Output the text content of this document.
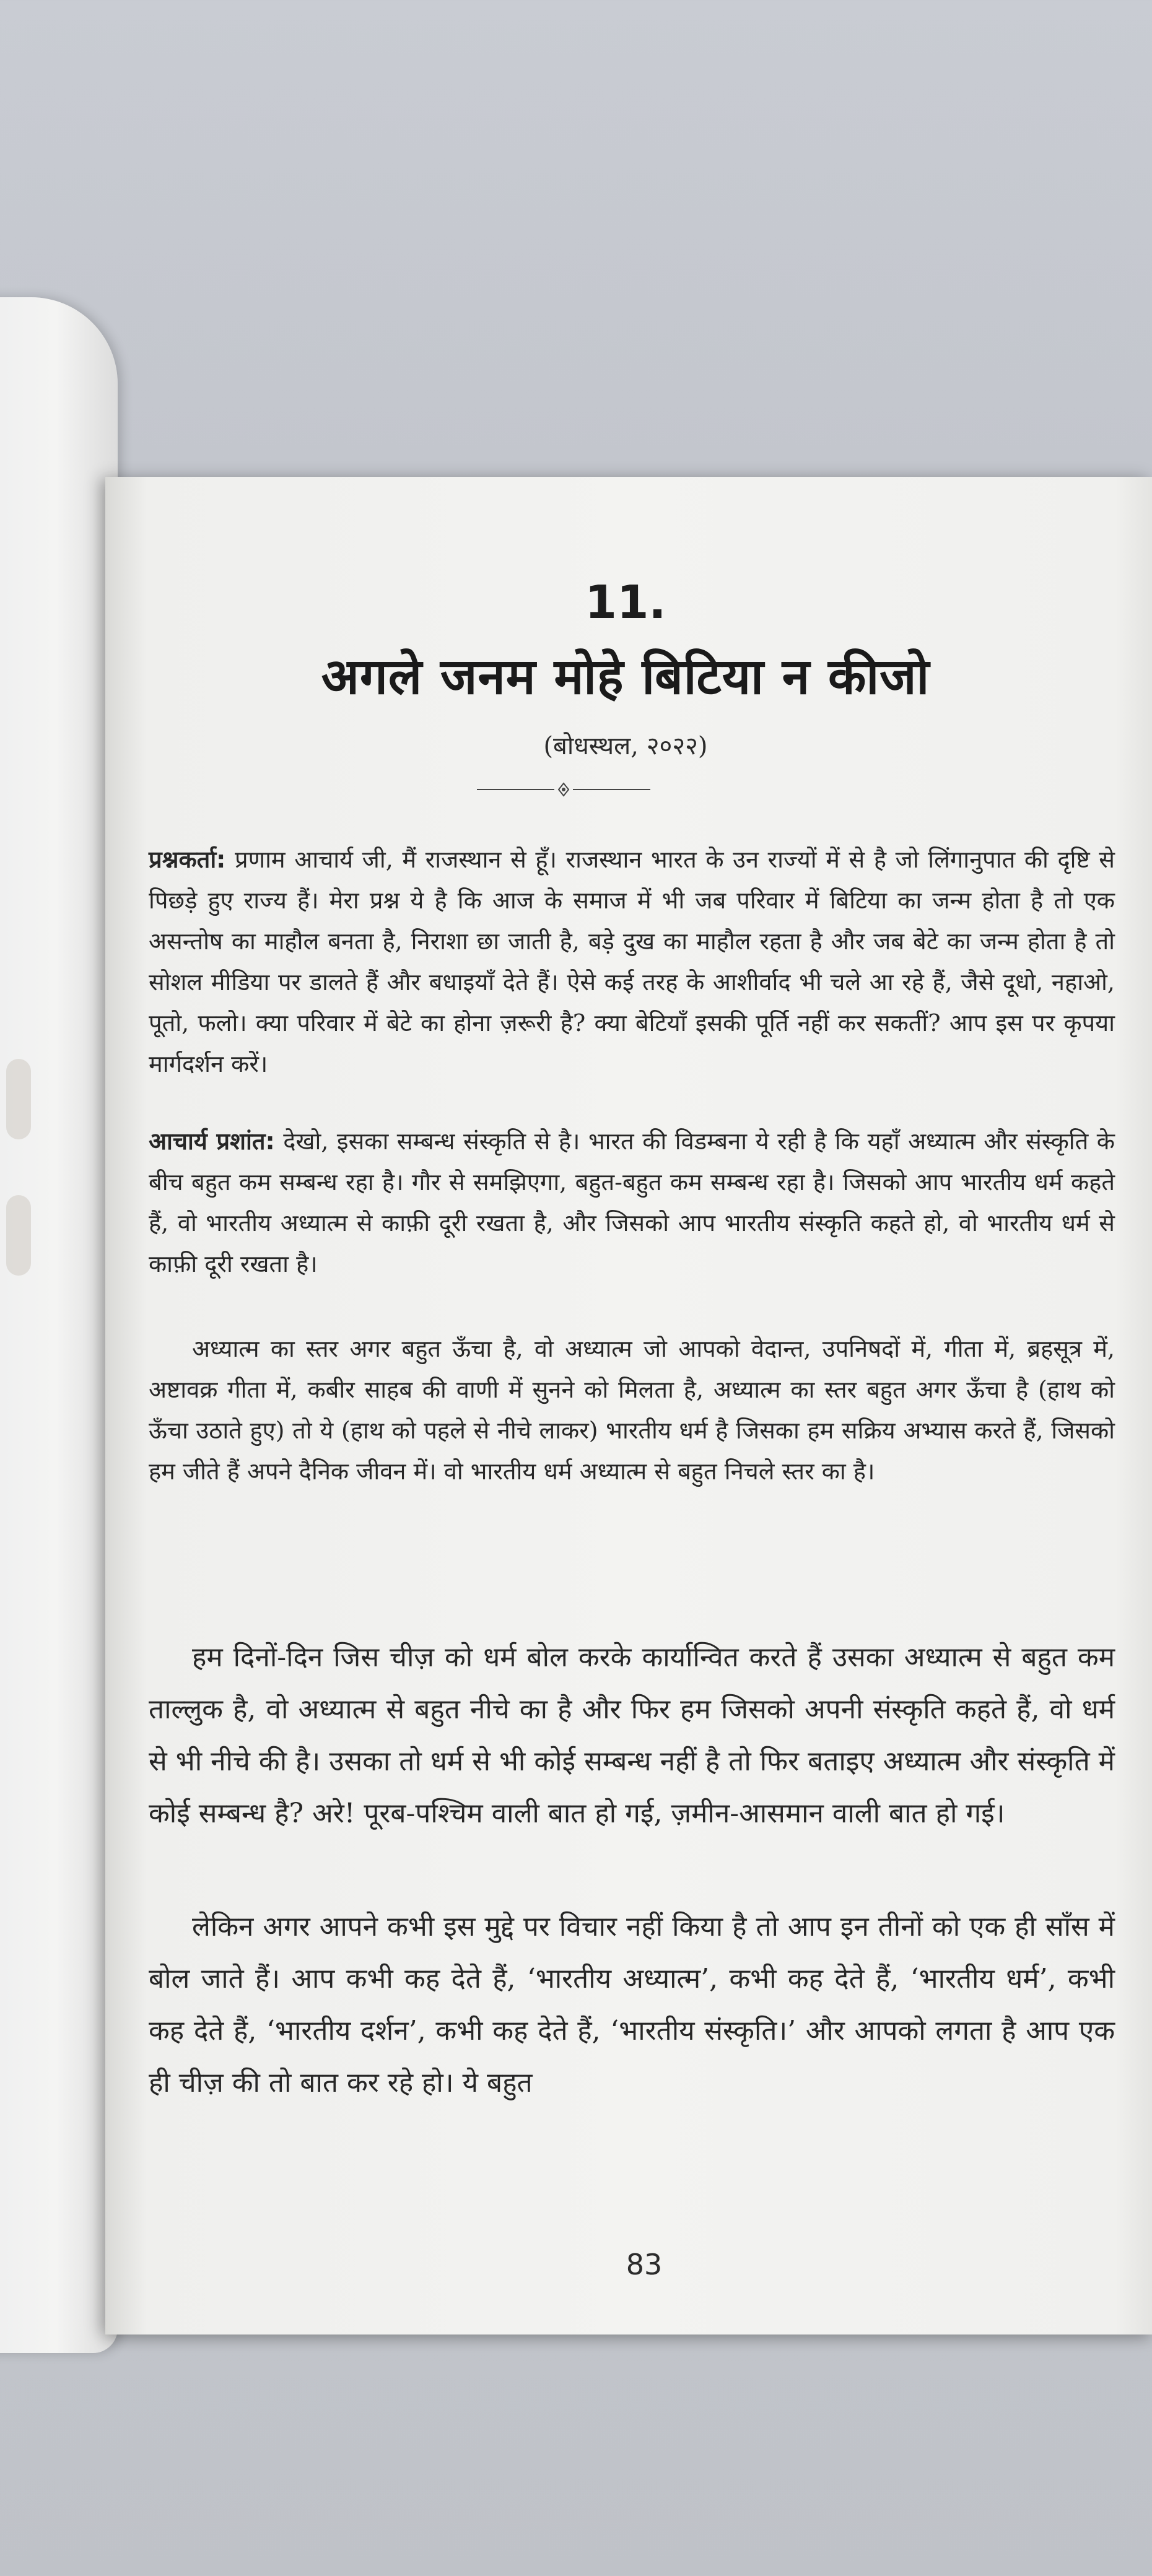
11.
अगले जनम मोहे बिटिया न कीजो
(बोधस्थल, २०२२)

प्रश्नकर्ता: प्रणाम आचार्य जी, मैं राजस्थान से हूँ। राजस्थान भारत के उन राज्यों में से है जो लिंगानुपात की दृष्टि से पिछड़े हुए राज्य हैं। मेरा प्रश्न ये है कि आज के समाज में भी जब परिवार में बिटिया का जन्म होता है तो एक असन्तोष का माहौल बनता है, निराशा छा जाती है, बड़े दुख का माहौल रहता है और जब बेटे का जन्म होता है तो सोशल मीडिया पर डालते हैं और बधाइयाँ देते हैं। ऐसे कई तरह के आशीर्वाद भी चले आ रहे हैं, जैसे दूधो, नहाओ, पूतो, फलो। क्या परिवार में बेटे का होना ज़रूरी है? क्या बेटियाँ इसकी पूर्ति नहीं कर सकतीं? आप इस पर कृपया मार्गदर्शन करें।

आचार्य प्रशांत: देखो, इसका सम्बन्ध संस्कृति से है। भारत की विडम्बना ये रही है कि यहाँ अध्यात्म और संस्कृति के बीच बहुत कम सम्बन्ध रहा है। गौर से समझिएगा, बहुत-बहुत कम सम्बन्ध रहा है। जिसको आप भारतीय धर्म कहते हैं, वो भारतीय अध्यात्म से काफ़ी दूरी रखता है, और जिसको आप भारतीय संस्कृति कहते हो, वो भारतीय धर्म से काफ़ी दूरी रखता है।

अध्यात्म का स्तर अगर बहुत ऊँचा है, वो अध्यात्म जो आपको वेदान्त, उपनिषदों में, गीता में, ब्रहसूत्र में, अष्टावक्र गीता में, कबीर साहब की वाणी में सुनने को मिलता है, अध्यात्म का स्तर बहुत अगर ऊँचा है (हाथ को ऊँचा उठाते हुए) तो ये (हाथ को पहले से नीचे लाकर) भारतीय धर्म है जिसका हम सक्रिय अभ्यास करते हैं, जिसको हम जीते हैं अपने दैनिक जीवन में। वो भारतीय धर्म अध्यात्म से बहुत निचले स्तर का है।

हम दिनों-दिन जिस चीज़ को धर्म बोल करके कार्यान्वित करते हैं उसका अध्यात्म से बहुत कम ताल्लुक है, वो अध्यात्म से बहुत नीचे का है और फिर हम जिसको अपनी संस्कृति कहते हैं, वो धर्म से भी नीचे की है। उसका तो धर्म से भी कोई सम्बन्ध नहीं है तो फिर बताइए अध्यात्म और संस्कृति में कोई सम्बन्ध है? अरे! पूरब-पश्चिम वाली बात हो गई, ज़मीन-आसमान वाली बात हो गई।

लेकिन अगर आपने कभी इस मुद्दे पर विचार नहीं किया है तो आप इन तीनों को एक ही साँस में बोल जाते हैं। आप कभी कह देते हैं, ‘भारतीय अध्यात्म’, कभी कह देते हैं, ‘भारतीय धर्म’, कभी कह देते हैं, ‘भारतीय दर्शन’, कभी कह देते हैं, ‘भारतीय संस्कृति।’ और आपको लगता है आप एक ही चीज़ की तो बात कर रहे हो। ये बहुत

83
